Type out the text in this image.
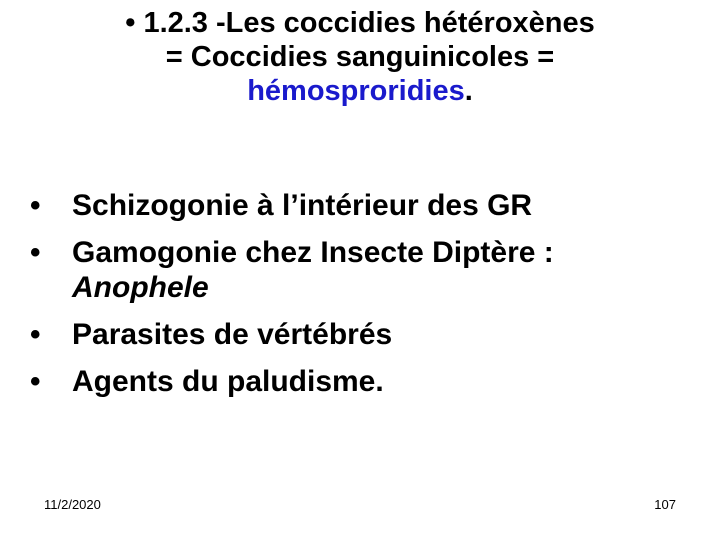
• 1.2.3 -Les coccidies hétéroxènes
= Coccidies sanguinicoles =
hémosproridies.
•	Schizogonie à l’intérieur des GR
•	Gamogonie chez Insecte Diptère : Anophele
•	Parasites de vértébrés
•	Agents du paludisme.
11/2/2020	107
